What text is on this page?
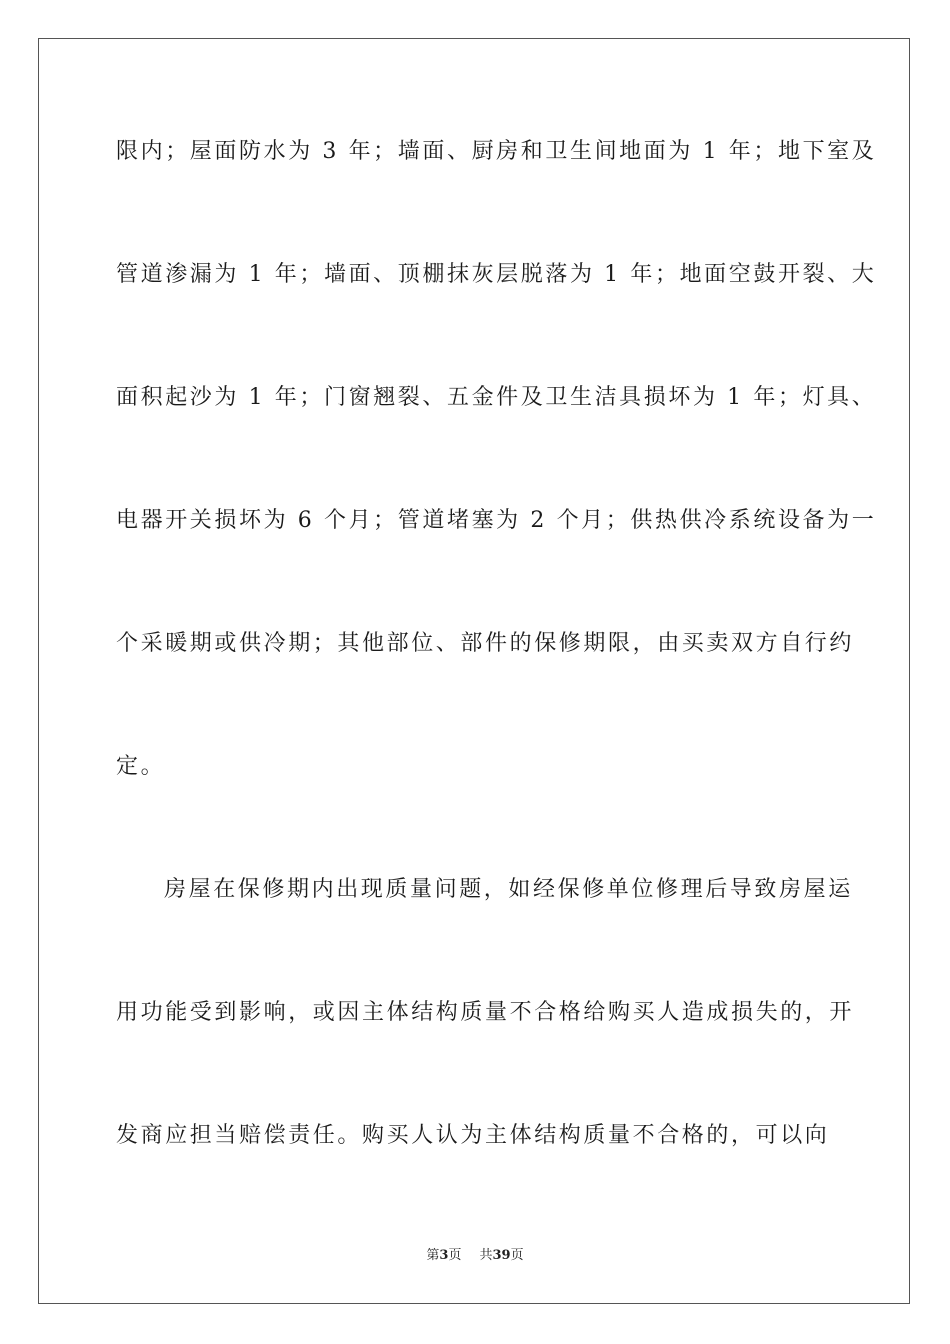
限内；屋面防水为 3 年；墙面、厨房和卫生间地面为 1 年；地下室及
管道渗漏为 1 年；墙面、顶棚抹灰层脱落为 1 年；地面空鼓开裂、大
面积起沙为 1 年；门窗翘裂、五金件及卫生洁具损坏为 1 年；灯具、
电器开关损坏为 6 个月；管道堵塞为 2 个月；供热供冷系统设备为一
个采暖期或供冷期；其他部位、部件的保修期限，由买卖双方自行约
定。
房屋在保修期内出现质量问题，如经保修单位修理后导致房屋运
用功能受到影响，或因主体结构质量不合格给购买人造成损失的，开
发商应担当赔偿责任。购买人认为主体结构质量不合格的，可以向
第3页 共39页
